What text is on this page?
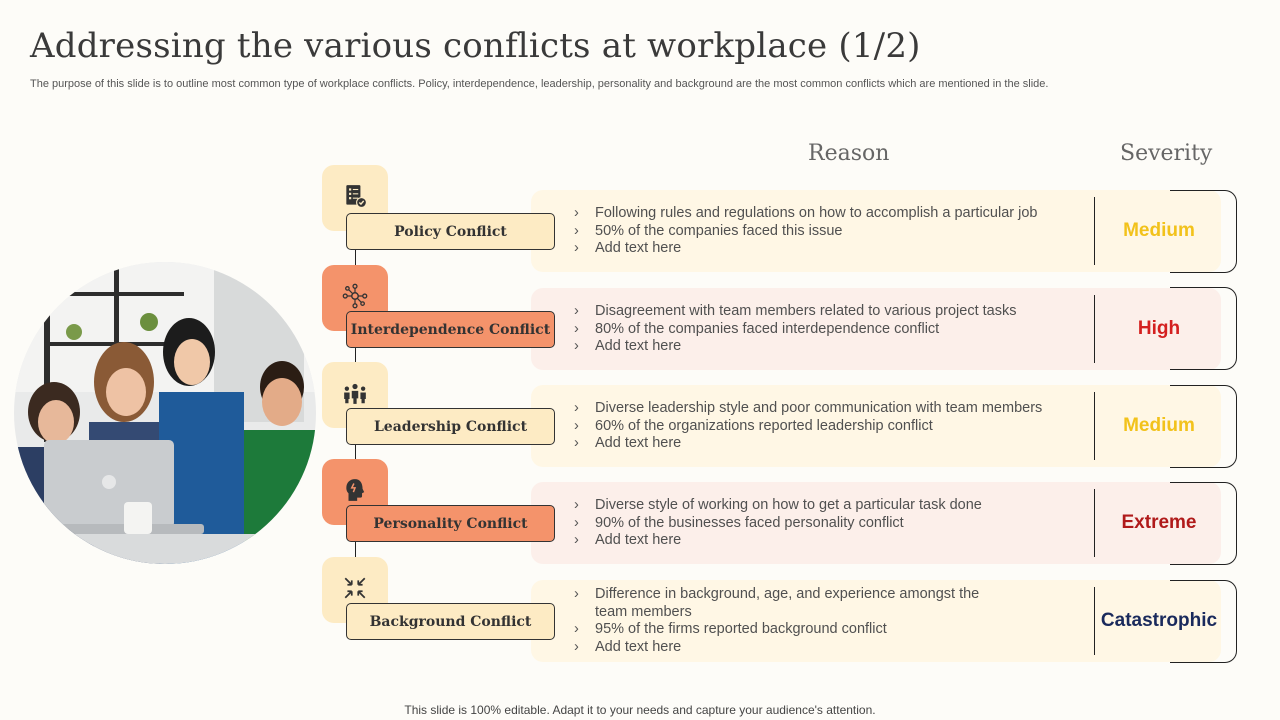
Addressing the various conflicts at workplace (1/2)
The purpose of this slide is to outline most common type of workplace conflicts. Policy, interdependence, leadership, personality and background are the most common conflicts which are mentioned in the slide.
Reason	Severity
Policy Conflict
› Following rules and regulations on how to accomplish a particular job
› 50% of the companies faced this issue
› Add text here
Medium
Interdependence Conflict
› Disagreement with team members related to various project tasks
› 80% of the companies faced interdependence conflict
› Add text here
High
Leadership Conflict
› Diverse leadership style and poor communication with team members
› 60% of the organizations reported leadership conflict
› Add text here
Medium
Personality Conflict
› Diverse style of working on how to get a particular task done
› 90% of the businesses faced personality conflict
› Add text here
Extreme
Background Conflict
› Difference in background, age, and experience amongst the team members
› 95% of the firms reported background conflict
› Add text here
Catastrophic
This slide is 100% editable. Adapt it to your needs and capture your audience's attention.
